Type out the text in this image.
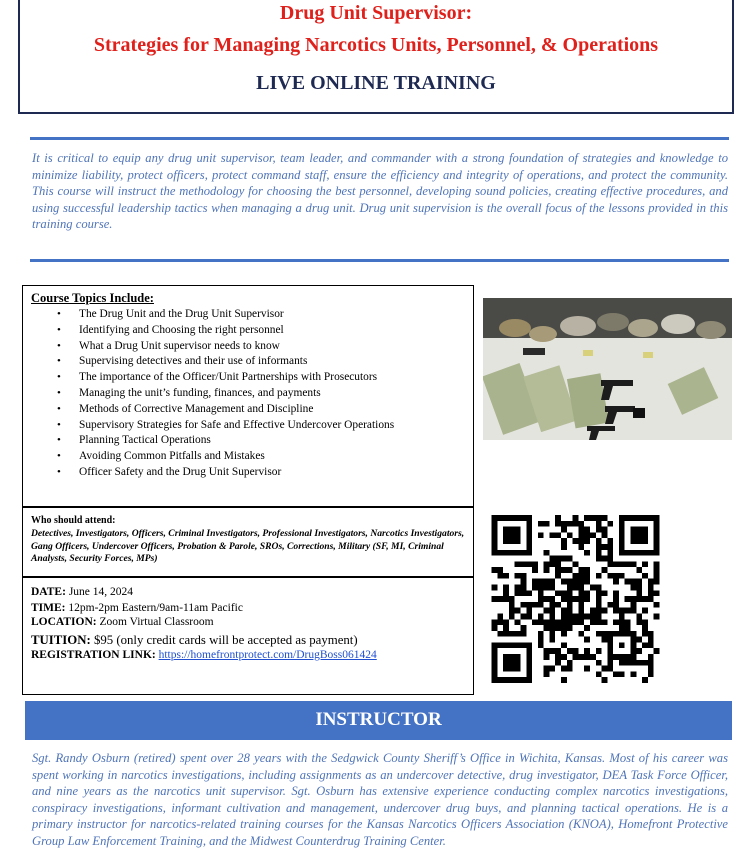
Drug Unit Supervisor:
Strategies for Managing Narcotics Units, Personnel, & Operations
LIVE ONLINE TRAINING
It is critical to equip any drug unit supervisor, team leader, and commander with a strong foundation of strategies and knowledge to minimize liability, protect officers, protect command staff, ensure the efficiency and integrity of operations, and protect the community. This course will instruct the methodology for choosing the best personnel, developing sound policies, creating effective procedures, and using successful leadership tactics when managing a drug unit. Drug unit supervision is the overall focus of the lessons provided in this training course.
Course Topics Include:
• The Drug Unit and the Drug Unit Supervisor
• Identifying and Choosing the right personnel
• What a Drug Unit supervisor needs to know
• Supervising detectives and their use of informants
• The importance of the Officer/Unit Partnerships with Prosecutors
• Managing the unit’s funding, finances, and payments
• Methods of Corrective Management and Discipline
• Supervisory Strategies for Safe and Effective Undercover Operations
• Planning Tactical Operations
• Avoiding Common Pitfalls and Mistakes
• Officer Safety and the Drug Unit Supervisor
Who should attend:
Detectives, Investigators, Officers, Criminal Investigators, Professional Investigators, Narcotics Investigators, Gang Officers, Undercover Officers, Probation & Parole, SROs, Corrections, Military (SF, MI, Criminal Analysts, Security Forces, MPs)
DATE: June 14, 2024
TIME: 12pm-2pm Eastern/9am-11am Pacific
LOCATION: Zoom Virtual Classroom
TUITION: $95 (only credit cards will be accepted as payment)
REGISTRATION LINK: https://homefrontprotect.com/DrugBoss061424
INSTRUCTOR
Sgt. Randy Osburn (retired) spent over 28 years with the Sedgwick County Sheriff’s Office in Wichita, Kansas. Most of his career was spent working in narcotics investigations, including assignments as an undercover detective, drug investigator, DEA Task Force Officer, and nine years as the narcotics unit supervisor. Sgt. Osburn has extensive experience conducting complex narcotics investigations, conspiracy investigations, informant cultivation and management, undercover drug buys, and planning tactical operations. He is a primary instructor for narcotics-related training courses for the Kansas Narcotics Officers Association (KNOA), Homefront Protective Group Law Enforcement Training, and the Midwest Counterdrug Training Center.
